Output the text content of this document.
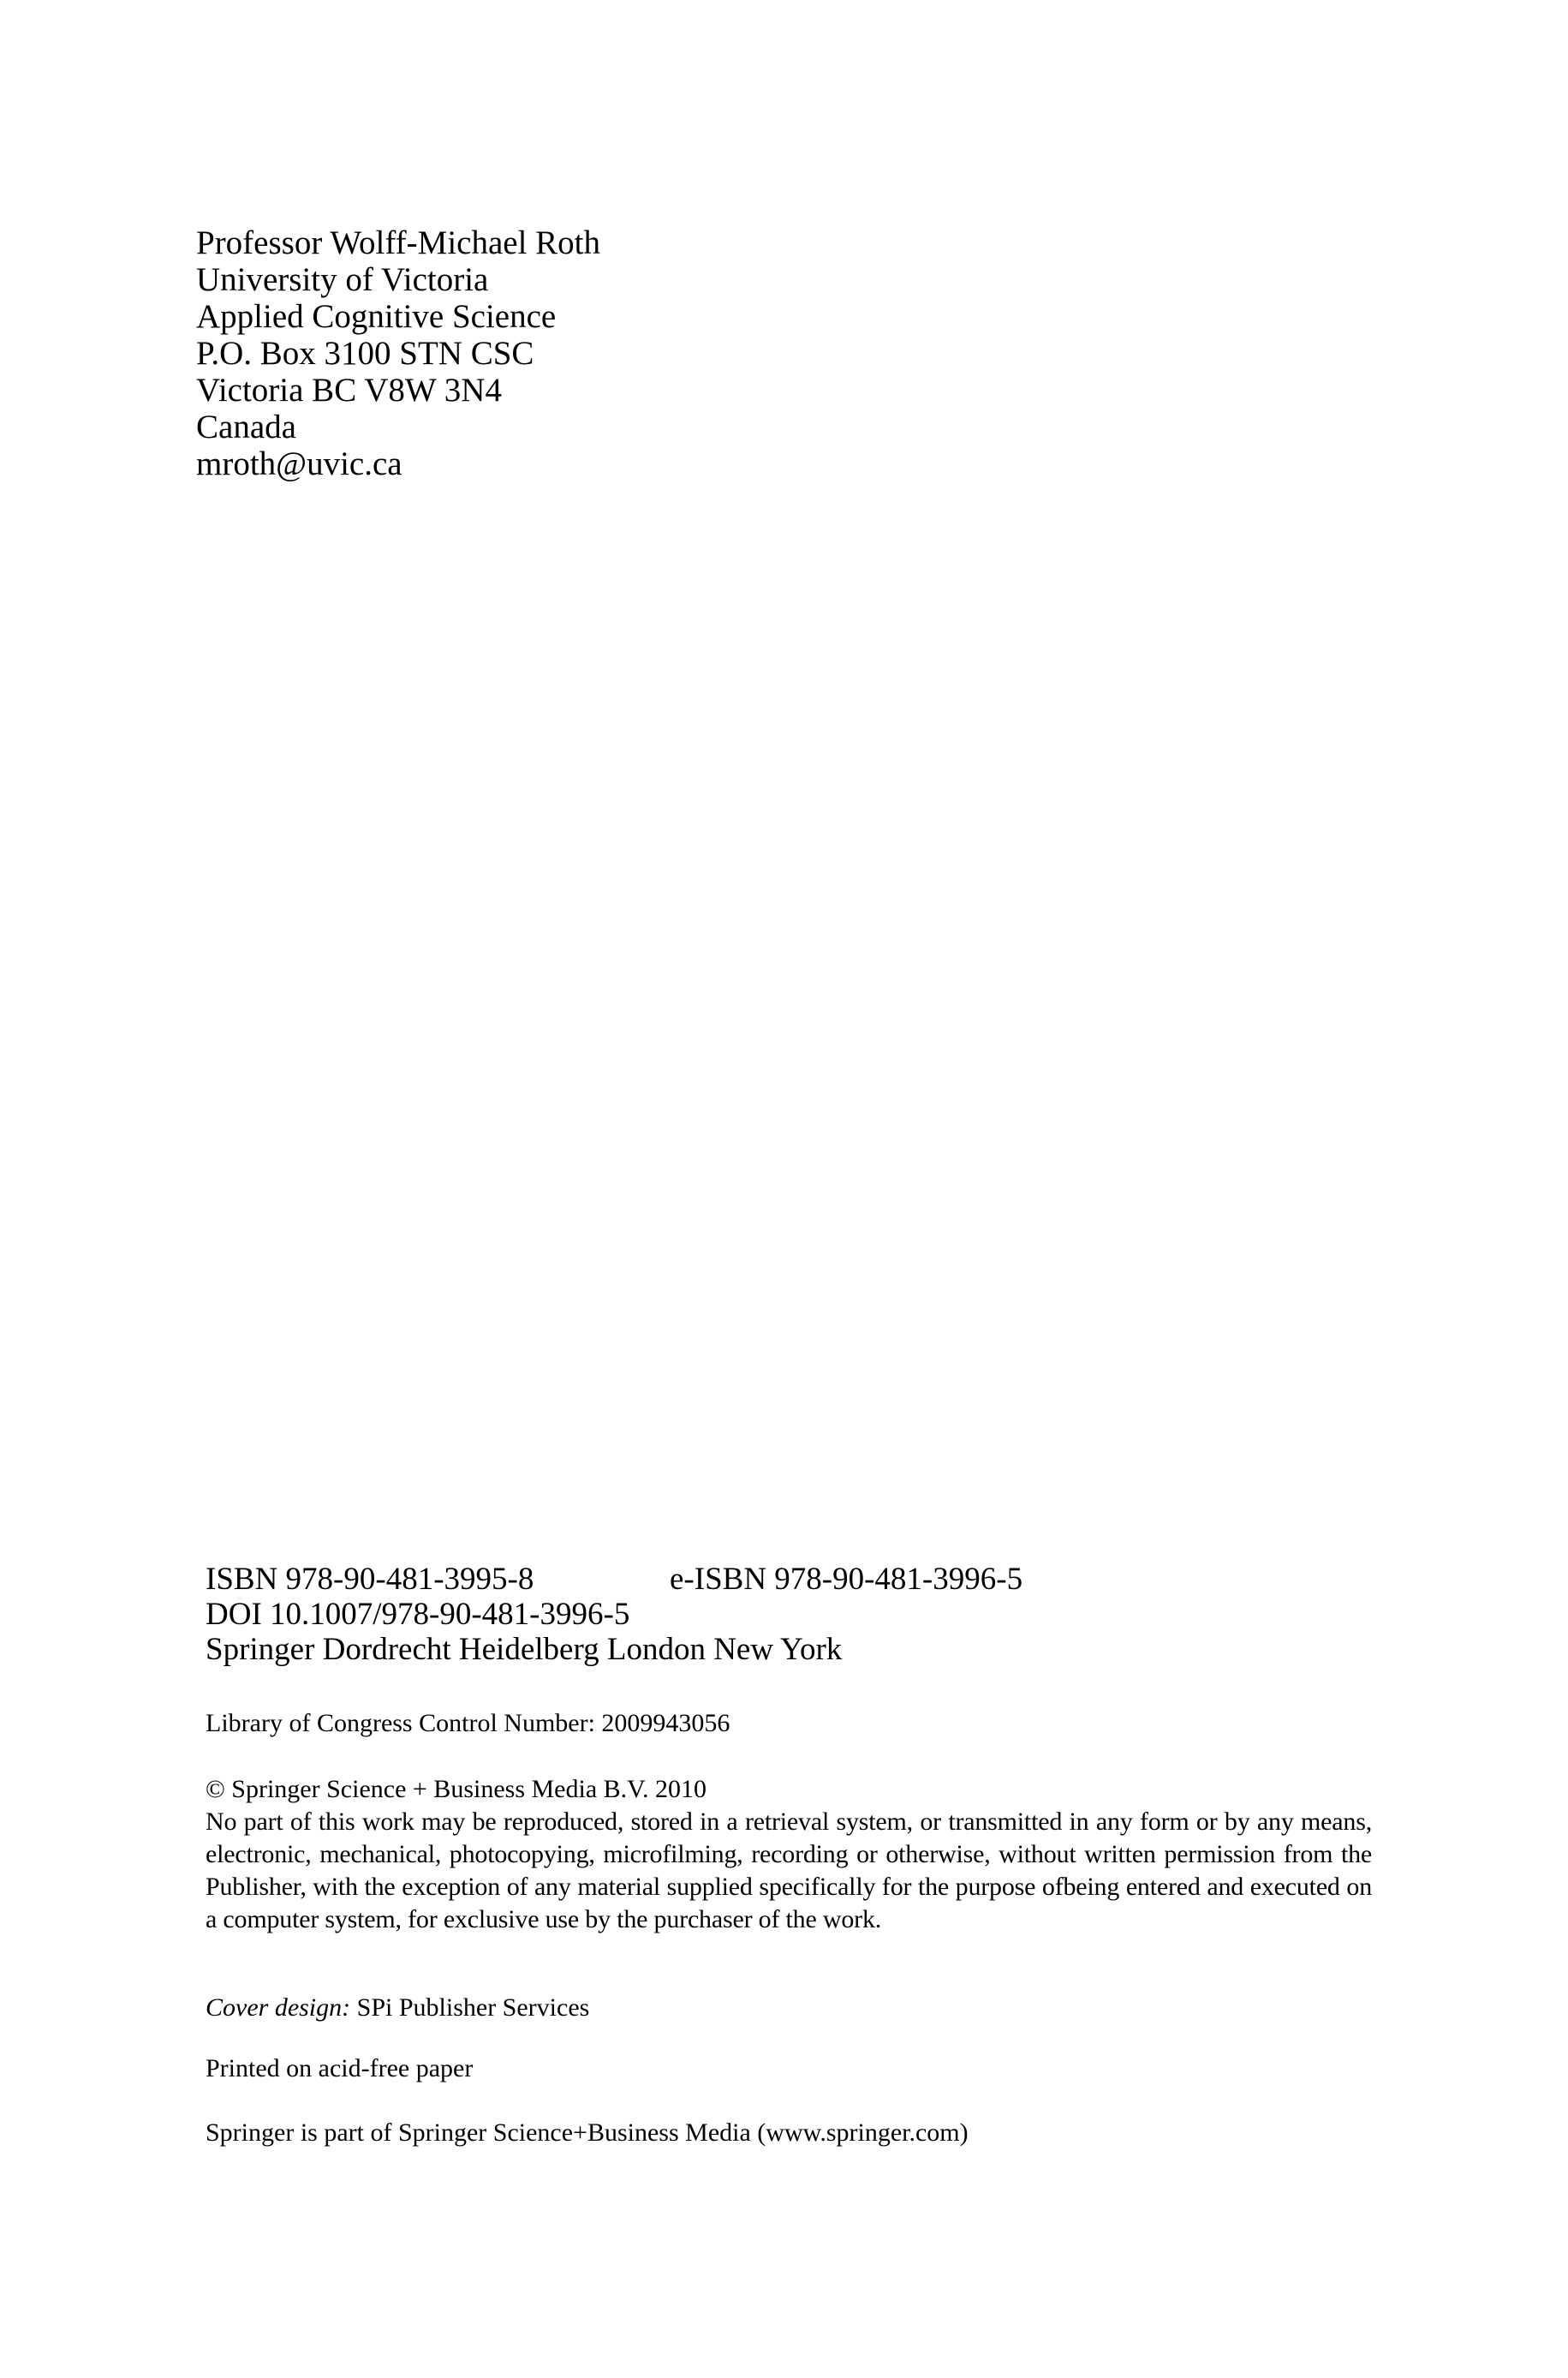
Professor Wolff-Michael Roth
University of Victoria
Applied Cognitive Science
P.O. Box 3100 STN CSC
Victoria BC V8W 3N4
Canada
mroth@uvic.ca
ISBN 978-90-481-3995-8	e-ISBN 978-90-481-3996-5
DOI 10.1007/978-90-481-3996-5
Springer Dordrecht Heidelberg London New York
Library of Congress Control Number: 2009943056
© Springer Science + Business Media B.V. 2010
No part of this work may be reproduced, stored in a retrieval system, or transmitted in any form or by any means, electronic, mechanical, photocopying, microfilming, recording or otherwise, without written permission from the Publisher, with the exception of any material supplied specifically for the purpose ofbeing entered and executed on a computer system, for exclusive use by the purchaser of the work.
Cover design: SPi Publisher Services
Printed on acid-free paper
Springer is part of Springer Science+Business Media (www.springer.com)
